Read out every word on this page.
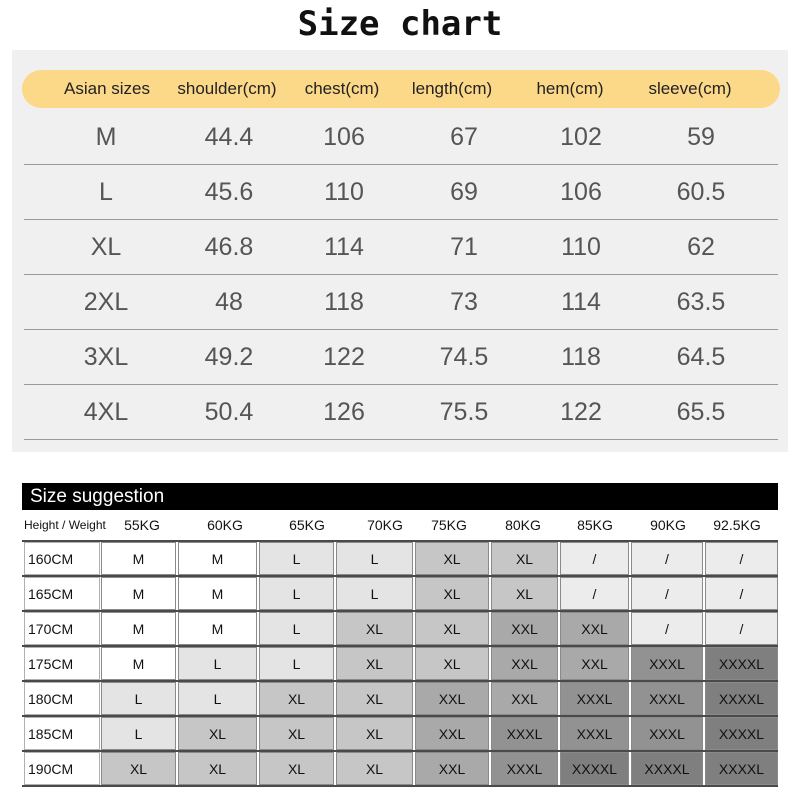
Size chart
Asian sizes	shoulder(cm)	chest(cm)	length(cm)	hem(cm)	sleeve(cm)
M	44.4	106	67	102	59
L	45.6	110	69	106	60.5
XL	46.8	114	71	110	62
2XL	48	118	73	114	63.5
3XL	49.2	122	74.5	118	64.5
4XL	50.4	126	75.5	122	65.5
Size suggestion
Height / Weight	55KG	60KG	65KG	70KG	75KG	80KG	85KG	90KG	92.5KG
160CM	M	M	L	L	XL	XL	/	/	/
165CM	M	M	L	L	XL	XL	/	/	/
170CM	M	M	L	XL	XL	XXL	XXL	/	/
175CM	M	L	L	XL	XL	XXL	XXL	XXXL	XXXXL
180CM	L	L	XL	XL	XXL	XXL	XXXL	XXXL	XXXXL
185CM	L	XL	XL	XL	XXL	XXXL	XXXL	XXXL	XXXXL
190CM	XL	XL	XL	XL	XXL	XXXL	XXXXL	XXXXL	XXXXL
